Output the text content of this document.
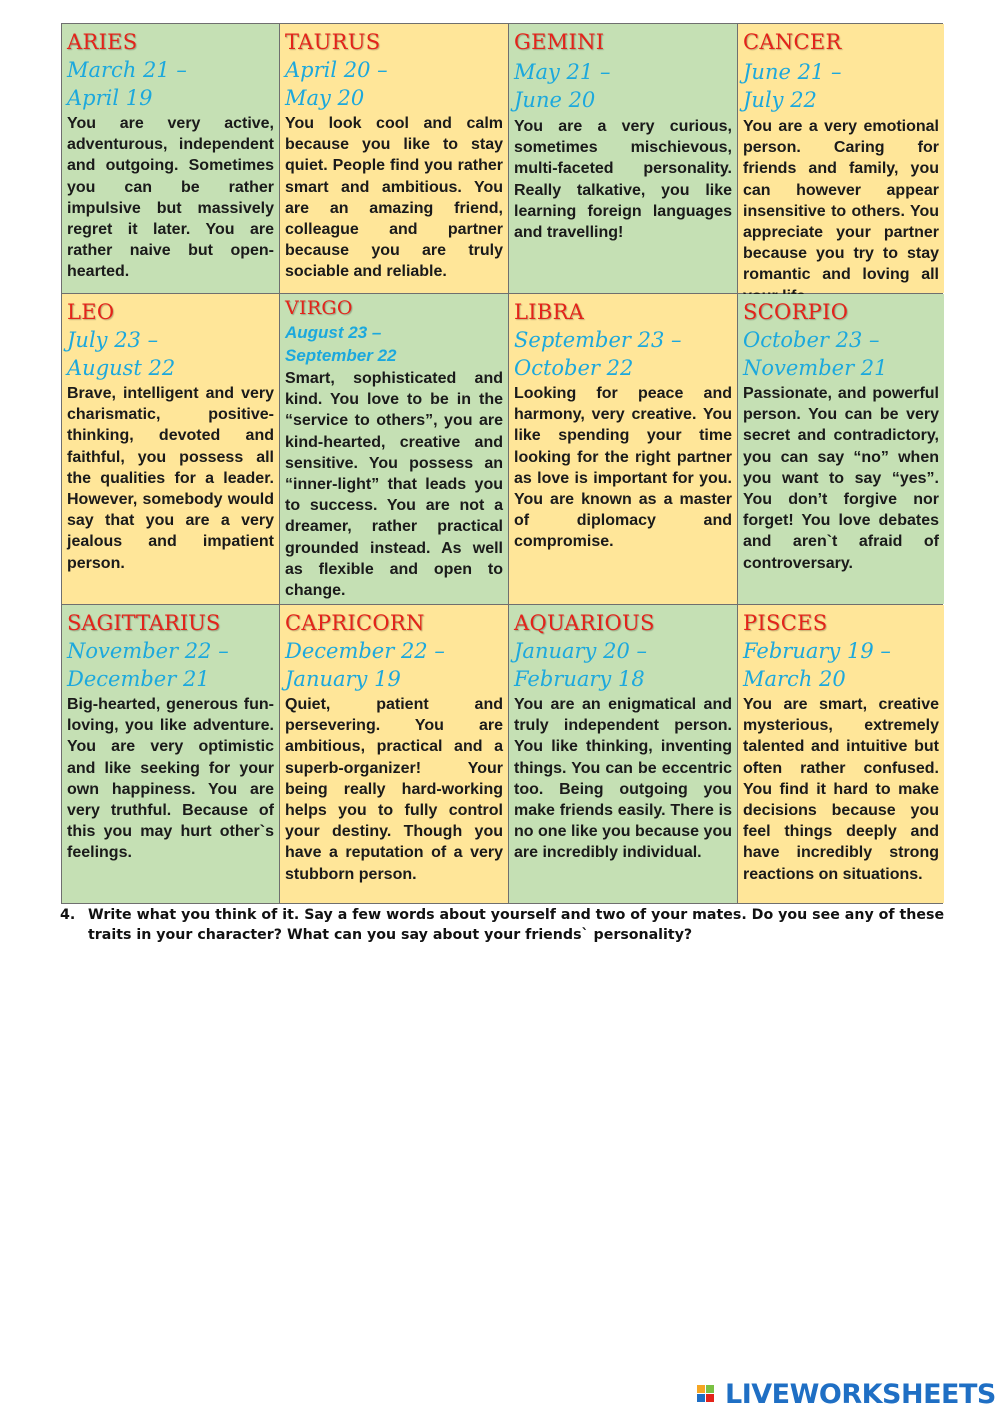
ARIES
March 21 –
April 19
You are very active, adventurous, independent and outgoing. Sometimes you can be rather impulsive but massively regret it later. You are rather naive but open-hearted.
TAURUS
April 20 –
May 20
You look cool and calm because you like to stay quiet. People find you rather smart and ambitious. You are an amazing friend, colleague and partner because you are truly sociable and reliable.
GEMINI
May 21 –
June 20
You are a very curious, sometimes mischievous, multi-faceted personality. Really talkative, you like learning foreign languages and travelling!
CANCER
June 21 –
July 22
You are a very emotional person. Caring for friends and family, you can however appear insensitive to others. You appreciate your partner because you try to stay romantic and loving all
LEO
July 23 –
August 22
Brave, intelligent and very charismatic, positive-thinking, devoted and faithful, you possess all the qualities for a leader. However, somebody would say that you are a very jealous and impatient person.
VIRGO
August 23 –
September 22
Smart, sophisticated and kind. You love to be in the “service to others”, you are kind-hearted, creative and sensitive. You possess an “inner-light” that leads you to success. You are not a dreamer, rather practical grounded instead. As well as flexible and open to change.
LIBRA
September 23 –
October 22
Looking for peace and harmony, very creative. You like spending your time looking for the right partner as love is important for you. You are known as a master of diplomacy and compromise.
SCORPIO
October 23 –
November 21
Passionate, and powerful person. You can be very secret and contradictory, you can say “no” when you want to say “yes”. You don’t forgive nor forget! You love debates and aren`t afraid of controversary.
SAGITTARIUS
November 22 –
December 21
Big-hearted, generous fun-loving, you like adventure. You are very optimistic and like seeking for your own happiness. You are very truthful. Because of this you may hurt other`s feelings.
CAPRICORN
December 22 –
January 19
Quiet, patient and persevering. You are ambitious, practical and a superb-organizer! Your being really hard-working helps you to fully control your destiny. Though you have a reputation of a very stubborn person.
AQUARIOUS
January 20 –
February 18
You are an enigmatical and truly independent person. You like thinking, inventing things. You can be eccentric too. Being outgoing you make friends easily. There is no one like you because you are incredibly individual.
PISCES
February 19 –
March 20
You are smart, creative mysterious, extremely talented and intuitive but often rather confused. You find it hard to make decisions because you feel things deeply and have incredibly strong reactions on situations.
4. Write what you think of it. Say a few words about yourself and two of your mates. Do you see any of these traits in your character? What can you say about your friends` personality?
LIVEWORKSHEETS
